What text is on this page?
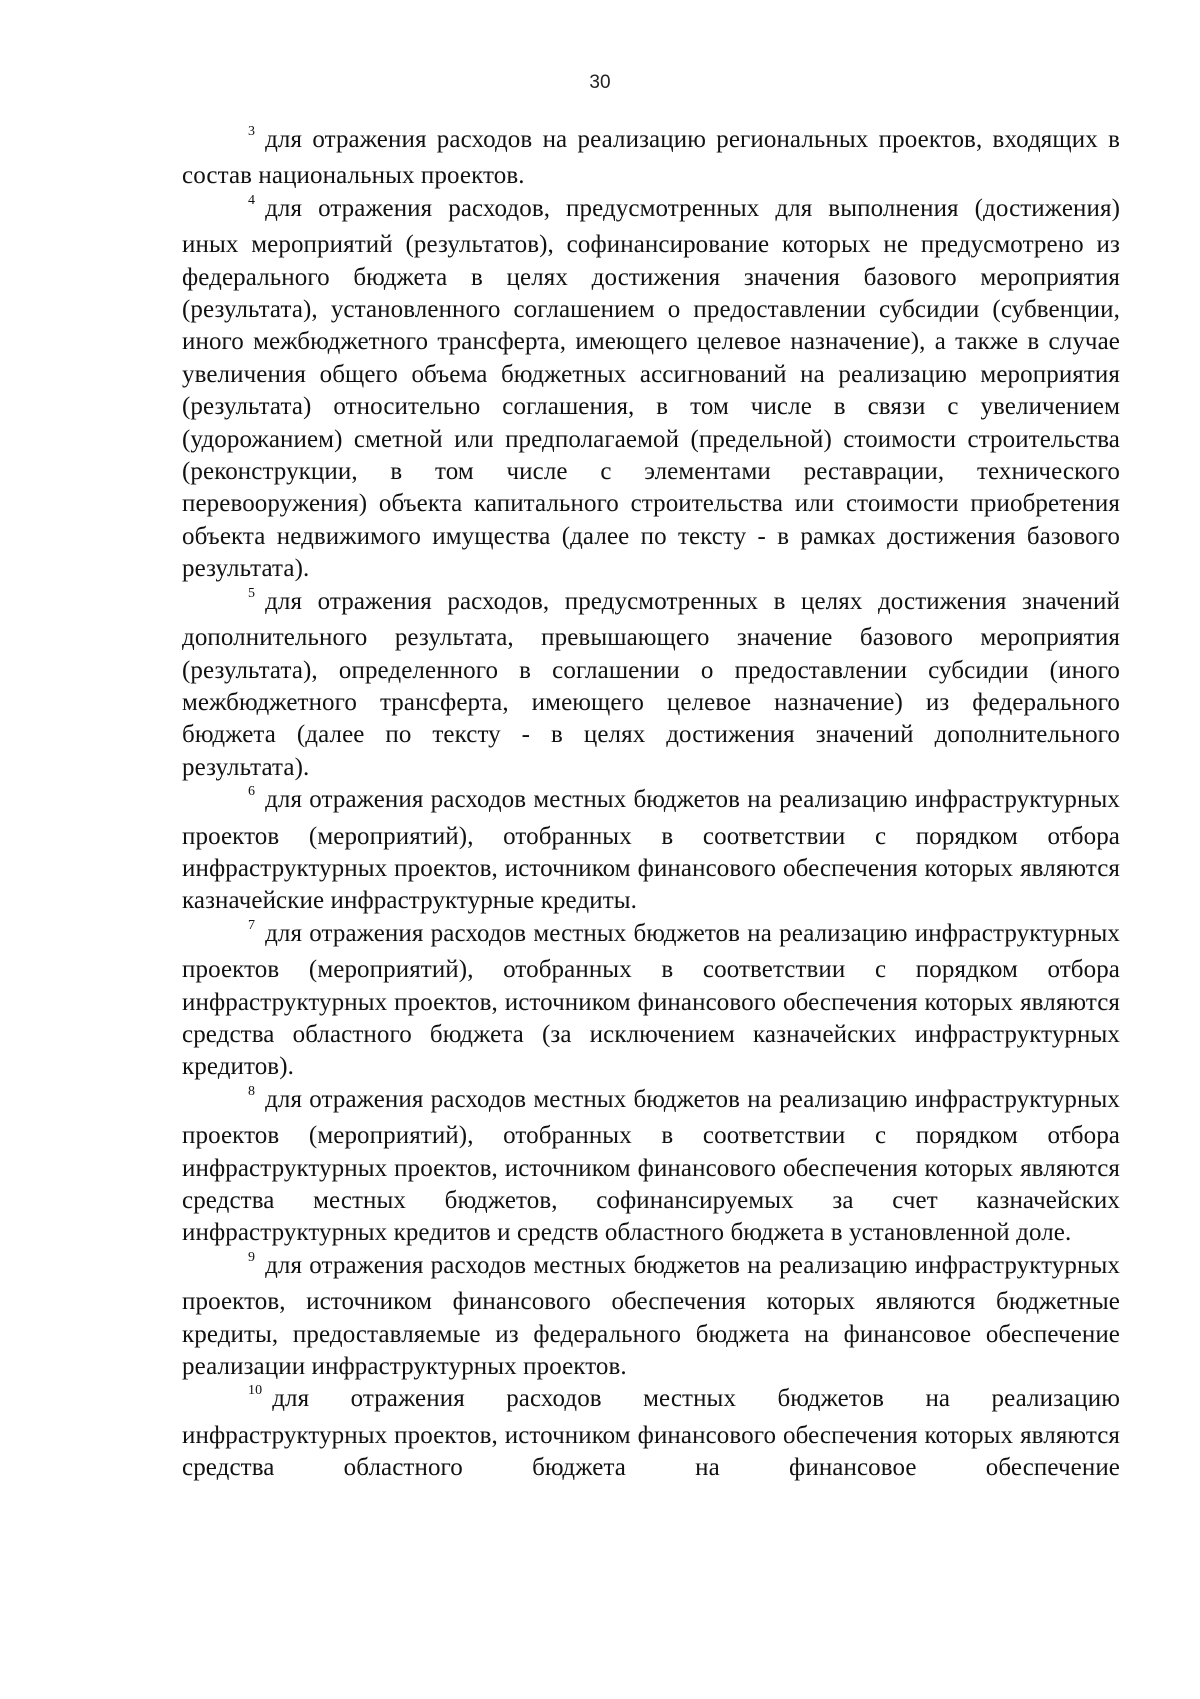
30

$^3$ для отражения расходов на реализацию региональных проектов, входящих в состав национальных проектов.

$^4$ для отражения расходов, предусмотренных для выполнения (достижения) иных мероприятий (результатов), софинансирование которых не предусмотрено из федерального бюджета в целях достижения значения базового мероприятия (результата), установленного соглашением о предоставлении субсидии (субвенции, иного межбюджетного трансферта, имеющего целевое назначение), а также в случае увеличения общего объема бюджетных ассигнований на реализацию мероприятия (результата) относительно соглашения, в том числе в связи с увеличением (удорожанием) сметной или предполагаемой (предельной) стоимости строительства (реконструкции, в том числе с элементами реставрации, технического перевооружения) объекта капитального строительства или стоимости приобретения объекта недвижимого имущества (далее по тексту - в рамках достижения базового результата).

$^5$ для отражения расходов, предусмотренных в целях достижения значений дополнительного результата, превышающего значение базового мероприятия (результата), определенного в соглашении о предоставлении субсидии (иного межбюджетного трансферта, имеющего целевое назначение) из федерального бюджета (далее по тексту - в целях достижения значений дополнительного результата).

$^6$ для отражения расходов местных бюджетов на реализацию инфраструктурных проектов (мероприятий), отобранных в соответствии с порядком отбора инфраструктурных проектов, источником финансового обеспечения которых являются казначейские инфраструктурные кредиты.

$^7$ для отражения расходов местных бюджетов на реализацию инфраструктурных проектов (мероприятий), отобранных в соответствии с порядком отбора инфраструктурных проектов, источником финансового обеспечения которых являются средства областного бюджета (за исключением казначейских инфраструктурных кредитов).

$^8$ для отражения расходов местных бюджетов на реализацию инфраструктурных проектов (мероприятий), отобранных в соответствии с порядком отбора инфраструктурных проектов, источником финансового обеспечения которых являются средства местных бюджетов, софинансируемых за счет казначейских инфраструктурных кредитов и средств областного бюджета в установленной доле.

$^9$ для отражения расходов местных бюджетов на реализацию инфраструктурных проектов, источником финансового обеспечения которых являются бюджетные кредиты, предоставляемые из федерального бюджета на финансовое обеспечение реализации инфраструктурных проектов.

$^{10}$ для отражения расходов местных бюджетов на реализацию инфраструктурных проектов, источником финансового обеспечения которых являются средства областного бюджета на финансовое обеспечение
